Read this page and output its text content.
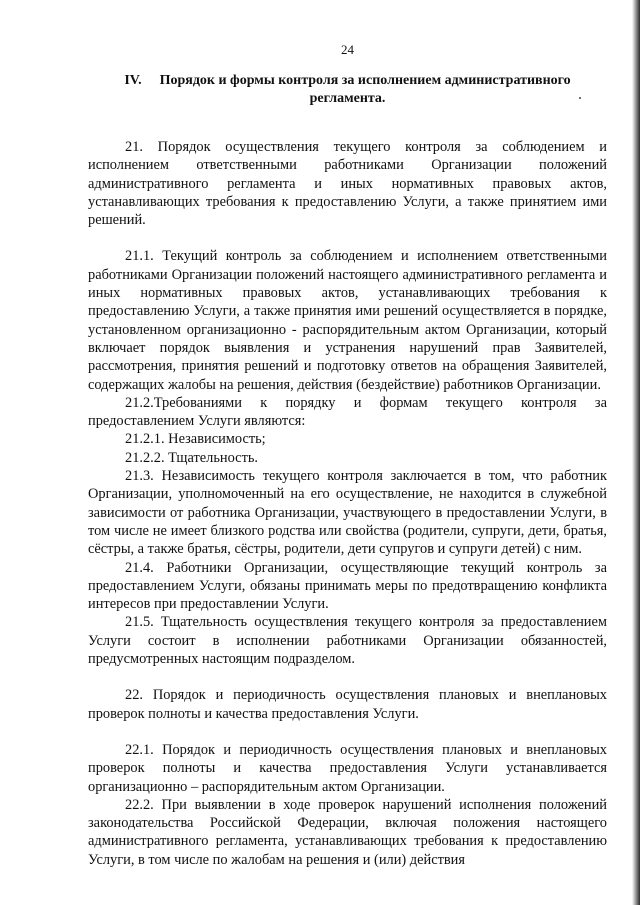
24
IV. Порядок и формы контроля за исполнением административного регламента.

21. Порядок осуществления текущего контроля за соблюдением и исполнением ответственными работниками Организации положений административного регламента и иных нормативных правовых актов, устанавливающих требования к предоставлению Услуги, а также принятием ими решений.

21.1. Текущий контроль за соблюдением и исполнением ответственными работниками Организации положений настоящего административного регламента и иных нормативных правовых актов, устанавливающих требования к предоставлению Услуги, а также принятия ими решений осуществляется в порядке, установленном организационно - распорядительным актом Организации, который включает порядок выявления и устранения нарушений прав Заявителей, рассмотрения, принятия решений и подготовку ответов на обращения Заявителей, содержащих жалобы на решения, действия (бездействие) работников Организации.

21.2.Требованиями к порядку и формам текущего контроля за предоставлением Услуги являются:

21.2.1. Независимость;

21.2.2. Тщательность.

21.3. Независимость текущего контроля заключается в том, что работник Организации, уполномоченный на его осуществление, не находится в служебной зависимости от работника Организации, участвующего в предоставлении Услуги, в том числе не имеет близкого родства или свойства (родители, супруги, дети, братья, сёстры, а также братья, сёстры, родители, дети супругов и супруги детей) с ним.

21.4. Работники Организации, осуществляющие текущий контроль за предоставлением Услуги, обязаны принимать меры по предотвращению конфликта интересов при предоставлении Услуги.

21.5. Тщательность осуществления текущего контроля за предоставлением Услуги состоит в исполнении работниками Организации обязанностей, предусмотренных настоящим подразделом.

22. Порядок и периодичность осуществления плановых и внеплановых проверок полноты и качества предоставления Услуги.

22.1. Порядок и периодичность осуществления плановых и внеплановых проверок полноты и качества предоставления Услуги устанавливается организационно – распорядительным актом Организации.

22.2. При выявлении в ходе проверок нарушений исполнения положений законодательства Российской Федерации, включая положения настоящего административного регламента, устанавливающих требования к предоставлению Услуги, в том числе по жалобам на решения и (или) действия
